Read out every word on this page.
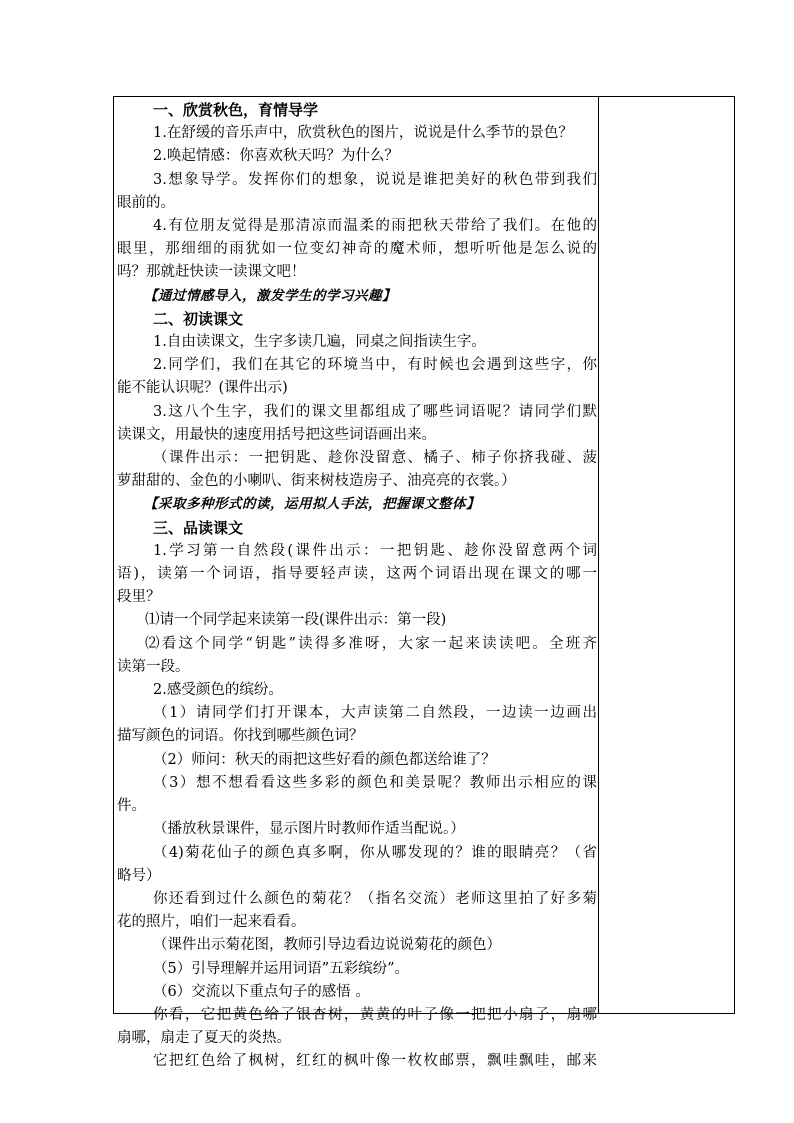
一、欣赏秋色，育情导学
1.在舒缓的音乐声中，欣赏秋色的图片，说说是什么季节的景色？
2.唤起情感：你喜欢秋天吗？为什么？
3.想象导学。发挥你们的想象，说说是谁把美好的秋色带到我们
眼前的。
4.有位朋友觉得是那清凉而温柔的雨把秋天带给了我们。在他的
眼里，那细细的雨犹如一位变幻神奇的魔术师，想听听他是怎么说的
吗？那就赶快读一读课文吧！
【通过情感导入，激发学生的学习兴趣】
二、初读课文
1.自由读课文，生字多读几遍，同桌之间指读生字。
2.同学们，我们在其它的环境当中，有时候也会遇到这些字，你
能不能认识呢？(课件出示)
3.这八个生字，我们的课文里都组成了哪些词语呢？请同学们默
读课文，用最快的速度用括号把这些词语画出来。
（课件出示：一把钥匙、趁你没留意、橘子、柿子你挤我碰、菠
萝甜甜的、金色的小喇叭、街来树枝造房子、油亮亮的衣裳。）
【采取多种形式的读，运用拟人手法，把握课文整体】
三、品读课文
1.学习第一自然段(课件出示：一把钥匙、趁你没留意两个词
语)，读第一个词语，指导要轻声读，这两个词语出现在课文的哪一
段里？
⑴请一个同学起来读第一段(课件出示：第一段)
⑵看这个同学“钥匙”读得多准呀，大家一起来读读吧。全班齐
读第一段。
2.感受颜色的缤纷。
（1）请同学们打开课本，大声读第二自然段，一边读一边画出
描写颜色的词语。你找到哪些颜色词？
（2）师问：秋天的雨把这些好看的颜色都送给谁了？
（3）想不想看看这些多彩的颜色和美景呢？教师出示相应的课
件。
（播放秋景课件，显示图片时教师作适当配说。）
（4)菊花仙子的颜色真多啊，你从哪发现的？谁的眼睛亮？（省
略号）
你还看到过什么颜色的菊花？（指名交流）老师这里拍了好多菊
花的照片，咱们一起来看看。
（课件出示菊花图，教师引导边看边说说菊花的颜色）
（5）引导理解并运用词语”五彩缤纷”。
（6）交流以下重点句子的感悟 。
你看，它把黄色给了银杏树，黄黄的叶子像一把把小扇子，扇哪
扇哪，扇走了夏天的炎热。
它把红色给了枫树，红红的枫叶像一枚枚邮票，飘哇飘哇，邮来
